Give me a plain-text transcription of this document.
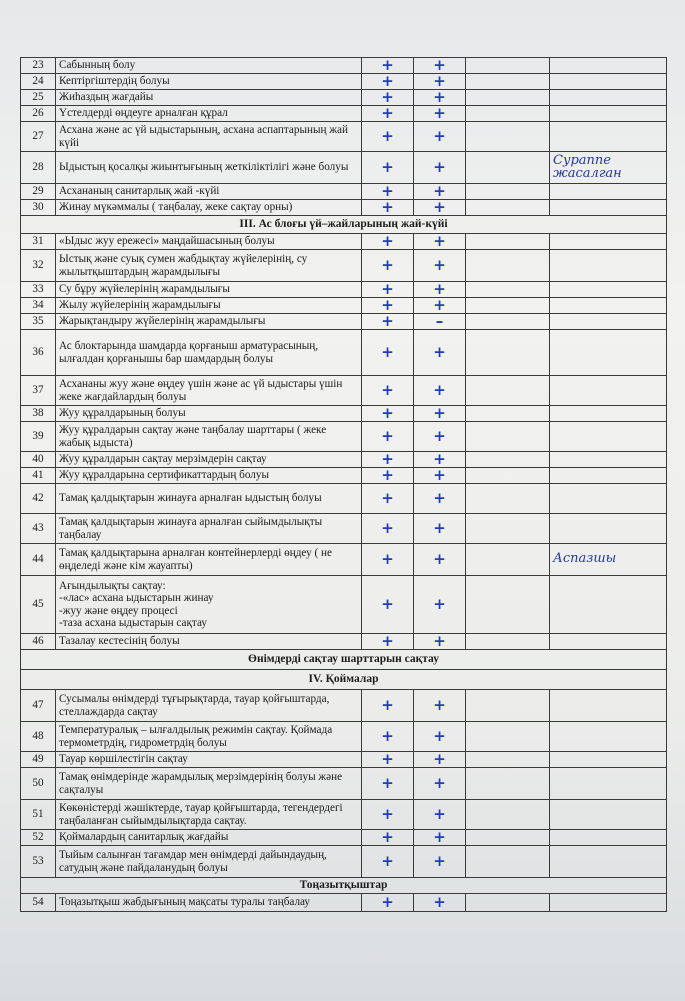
23	Сабынның болу	+	+		
24	Кептіргіштердің болуы	+	+		
25	Жиһаздың жағдайы	+	+		
26	Үстелдерді өңдеуге арналған құрал	+	+		
27	Асхана және ас үй ыдыстарының, асхана аспаптарының жай күйі	+	+		
28	Ыдыстың қосалқы жиынтығының жеткіліктілігі және болуы	+	+		Сураппе
жасалган
29	Асхананың санитарлық жай -күйі	+	+		
30	Жинау мүкәммалы ( таңбалау, жеке сақтау орны)	+	+		
III. Ас блоғы үй–жайларының жай-күйі					
31	«Ыдыс жуу ережесі» маңдайшасының болуы	+	+		
32	Ыстық және суық сумен жабдықтау жүйелерінің, су жылытқыштардың жарамдылығы	+	+		
33	Су бұру жүйелерінің жарамдылығы	+	+		
34	Жылу жүйелерінің жарамдылығы	+	+		
35	Жарықтандыру жүйелерінің жарамдылығы	+	–		
36	Ас блоктарында шамдарда қорғаныш арматурасының, ылғалдан қорғанышы бар шамдардың болуы	+	+		
37	Асхананы жуу және өңдеу үшін және ас үй ыдыстары үшін жеке жағдайлардың болуы	+	+		
38	Жуу құралдарының болуы	+	+		
39	Жуу құралдарын сақтау және таңбалау шарттары ( жеке жабық ыдыста)	+	+		
40	Жуу құралдарын сақтау мерзімдерін сақтау	+	+		
41	Жуу құралдарына сертификаттардың болуы	+	+		
42	Тамақ қалдықтарын жинауға арналған ыдыстың болуы	+	+		
43	Тамақ қалдықтарын жинауға арналған сыйымдылықты таңбалау	+	+		
44	Тамақ қалдықтарына арналған контейнерлерді өңдеу ( не өңделеді және кім жауапты)	+	+		Аспазшы
45	Ағындылықты сақтау:
-«лас» асхана ыдыстарын жинау
-жуу және өңдеу процесі
-таза асхана ыдыстарын сақтау	+	+		
46	Тазалау кестесінің болуы	+	+		
Өнімдерді сақтау шарттарын сақтау					
IV. Қоймалар					
47	Сусымалы өнімдерді тұғырықтарда, тауар қойғыштарда, стеллаждарда сақтау	+	+		
48	Температуралық – ылғалдылық режимін сақтау. Қоймада термометрдің, гидрометрдің болуы	+	+		
49	Тауар көршілестігін сақтау	+	+		
50	Тамақ өнімдерінде жарамдылық мерзімдерінің болуы және сақталуы	+	+		
51	Көкөністерді жәшіктерде, тауар қойғыштарда, тегендердегі таңбаланған сыйымдылықтарда сақтау.	+	+		
52	Қоймалардың санитарлық жағдайы	+	+		
53	Тыйым салынған тағамдар мен өнімдерді дайындаудың, сатудың және пайдаланудың болуы	+	+		
Тоңазытқыштар					
54	Тоңазытқыш жабдығының мақсаты туралы таңбалау	+	+		
